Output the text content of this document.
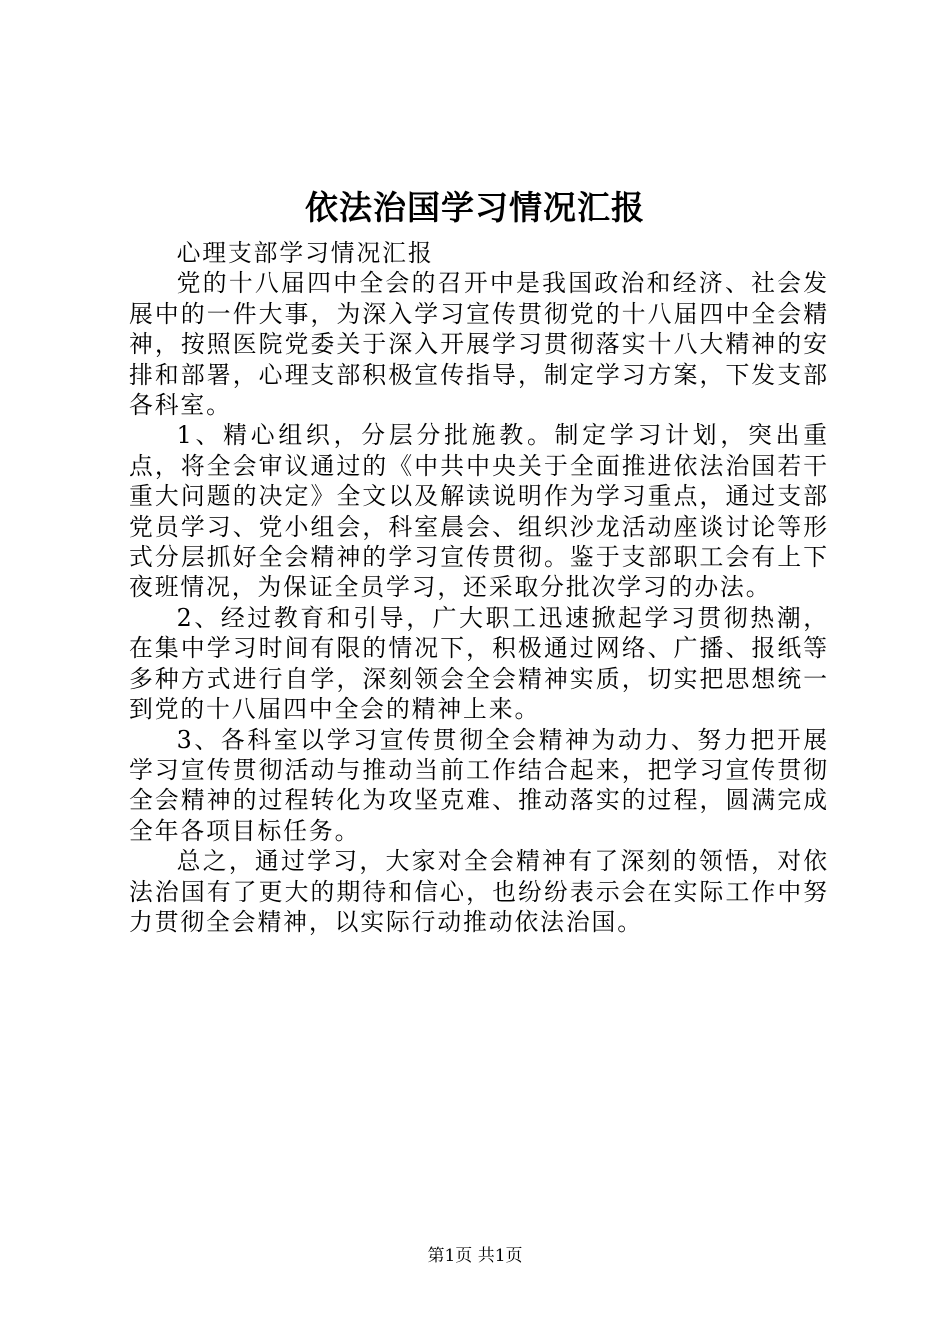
依法治国学习情况汇报

心理支部学习情况汇报

党的十八届四中全会的召开中是我国政治和经济、社会发展中的一件大事，为深入学习宣传贯彻党的十八届四中全会精神，按照医院党委关于深入开展学习贯彻落实十八大精神的安排和部署，心理支部积极宣传指导，制定学习方案，下发支部各科室。

1、精心组织，分层分批施教。制定学习计划，突出重点，将全会审议通过的《中共中央关于全面推进依法治国若干重大问题的决定》全文以及解读说明作为学习重点，通过支部党员学习、党小组会，科室晨会、组织沙龙活动座谈讨论等形式分层抓好全会精神的学习宣传贯彻。鉴于支部职工会有上下夜班情况，为保证全员学习，还采取分批次学习的办法。

2、经过教育和引导，广大职工迅速掀起学习贯彻热潮，在集中学习时间有限的情况下，积极通过网络、广播、报纸等多种方式进行自学，深刻领会全会精神实质，切实把思想统一到党的十八届四中全会的精神上来。

3、各科室以学习宣传贯彻全会精神为动力、努力把开展学习宣传贯彻活动与推动当前工作结合起来，把学习宣传贯彻全会精神的过程转化为攻坚克难、推动落实的过程，圆满完成全年各项目标任务。

总之，通过学习，大家对全会精神有了深刻的领悟，对依法治国有了更大的期待和信心，也纷纷表示会在实际工作中努力贯彻全会精神，以实际行动推动依法治国。

第1页 共1页
